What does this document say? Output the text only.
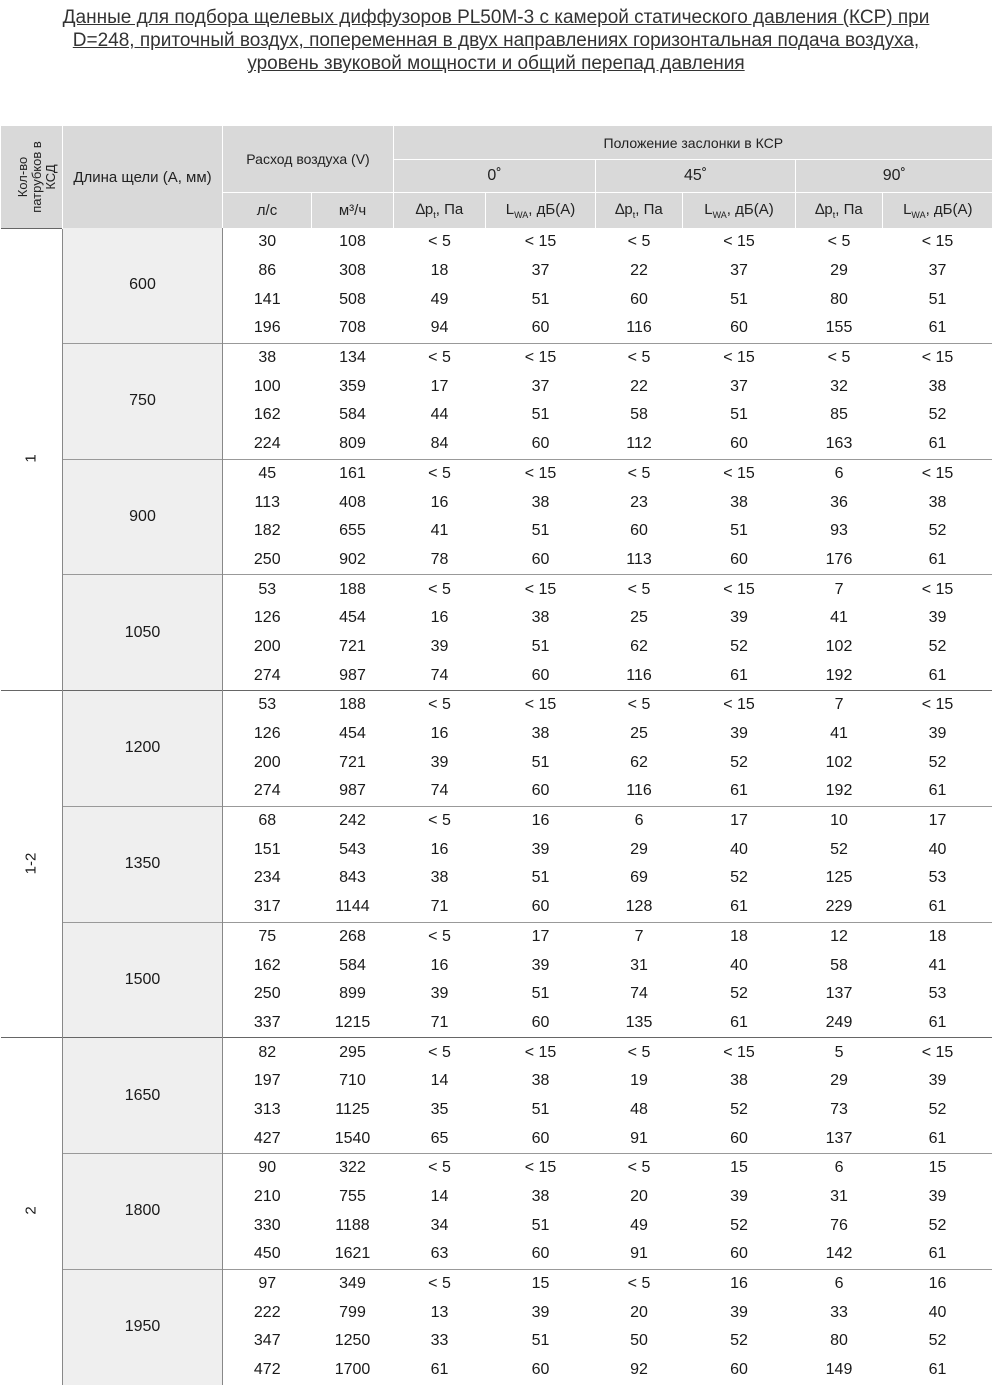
Данные для подбора щелевых диффузоров PL50M-3 с камерой статического давления (КСР) при
D=248, приточный воздух, попеременная в двух направлениях горизонтальная подача воздуха,
уровень звуковой мощности и общий перепад давления
Кол-во
патрубков в
КСД	Длина щели (A, мм)	Расход воздуха (V)		Положение заслонки в КСР					
				0˚		45˚		90˚	
		л/с	м³/ч	$\Delta p_t$, Па	$L_{WA}$, дБ(А)	$\Delta p_t$, Па	$L_{WA}$, дБ(А)	$\Delta p_t$, Па	$L_{WA}$, дБ(А)
1	600	30	108	< 5	< 15	< 5	< 15	< 5	< 15
		86	308	18	37	22	37	29	37
		141	508	49	51	60	51	80	51
		196	708	94	60	116	60	155	61
	750	38	134	< 5	< 15	< 5	< 15	< 5	< 15
		100	359	17	37	22	37	32	38
		162	584	44	51	58	51	85	52
		224	809	84	60	112	60	163	61
	900	45	161	< 5	< 15	< 5	< 15	6	< 15
		113	408	16	38	23	38	36	38
		182	655	41	51	60	51	93	52
		250	902	78	60	113	60	176	61
	1050	53	188	< 5	< 15	< 5	< 15	7	< 15
		126	454	16	38	25	39	41	39
		200	721	39	51	62	52	102	52
		274	987	74	60	116	61	192	61
1-2	1200	53	188	< 5	< 15	< 5	< 15	7	< 15
		126	454	16	38	25	39	41	39
		200	721	39	51	62	52	102	52
		274	987	74	60	116	61	192	61
	1350	68	242	< 5	16	6	17	10	17
		151	543	16	39	29	40	52	40
		234	843	38	51	69	52	125	53
		317	1144	71	60	128	61	229	61
	1500	75	268	< 5	17	7	18	12	18
		162	584	16	39	31	40	58	41
		250	899	39	51	74	52	137	53
		337	1215	71	60	135	61	249	61
2	1650	82	295	< 5	< 15	< 5	< 15	5	< 15
		197	710	14	38	19	38	29	39
		313	1125	35	51	48	52	73	52
		427	1540	65	60	91	60	137	61
	1800	90	322	< 5	< 15	< 5	15	6	15
		210	755	14	38	20	39	31	39
		330	1188	34	51	49	52	76	52
		450	1621	63	60	91	60	142	61
	1950	97	349	< 5	15	< 5	16	6	16
		222	799	13	39	20	39	33	40
		347	1250	33	51	50	52	80	52
		472	1700	61	60	92	60	149	61
